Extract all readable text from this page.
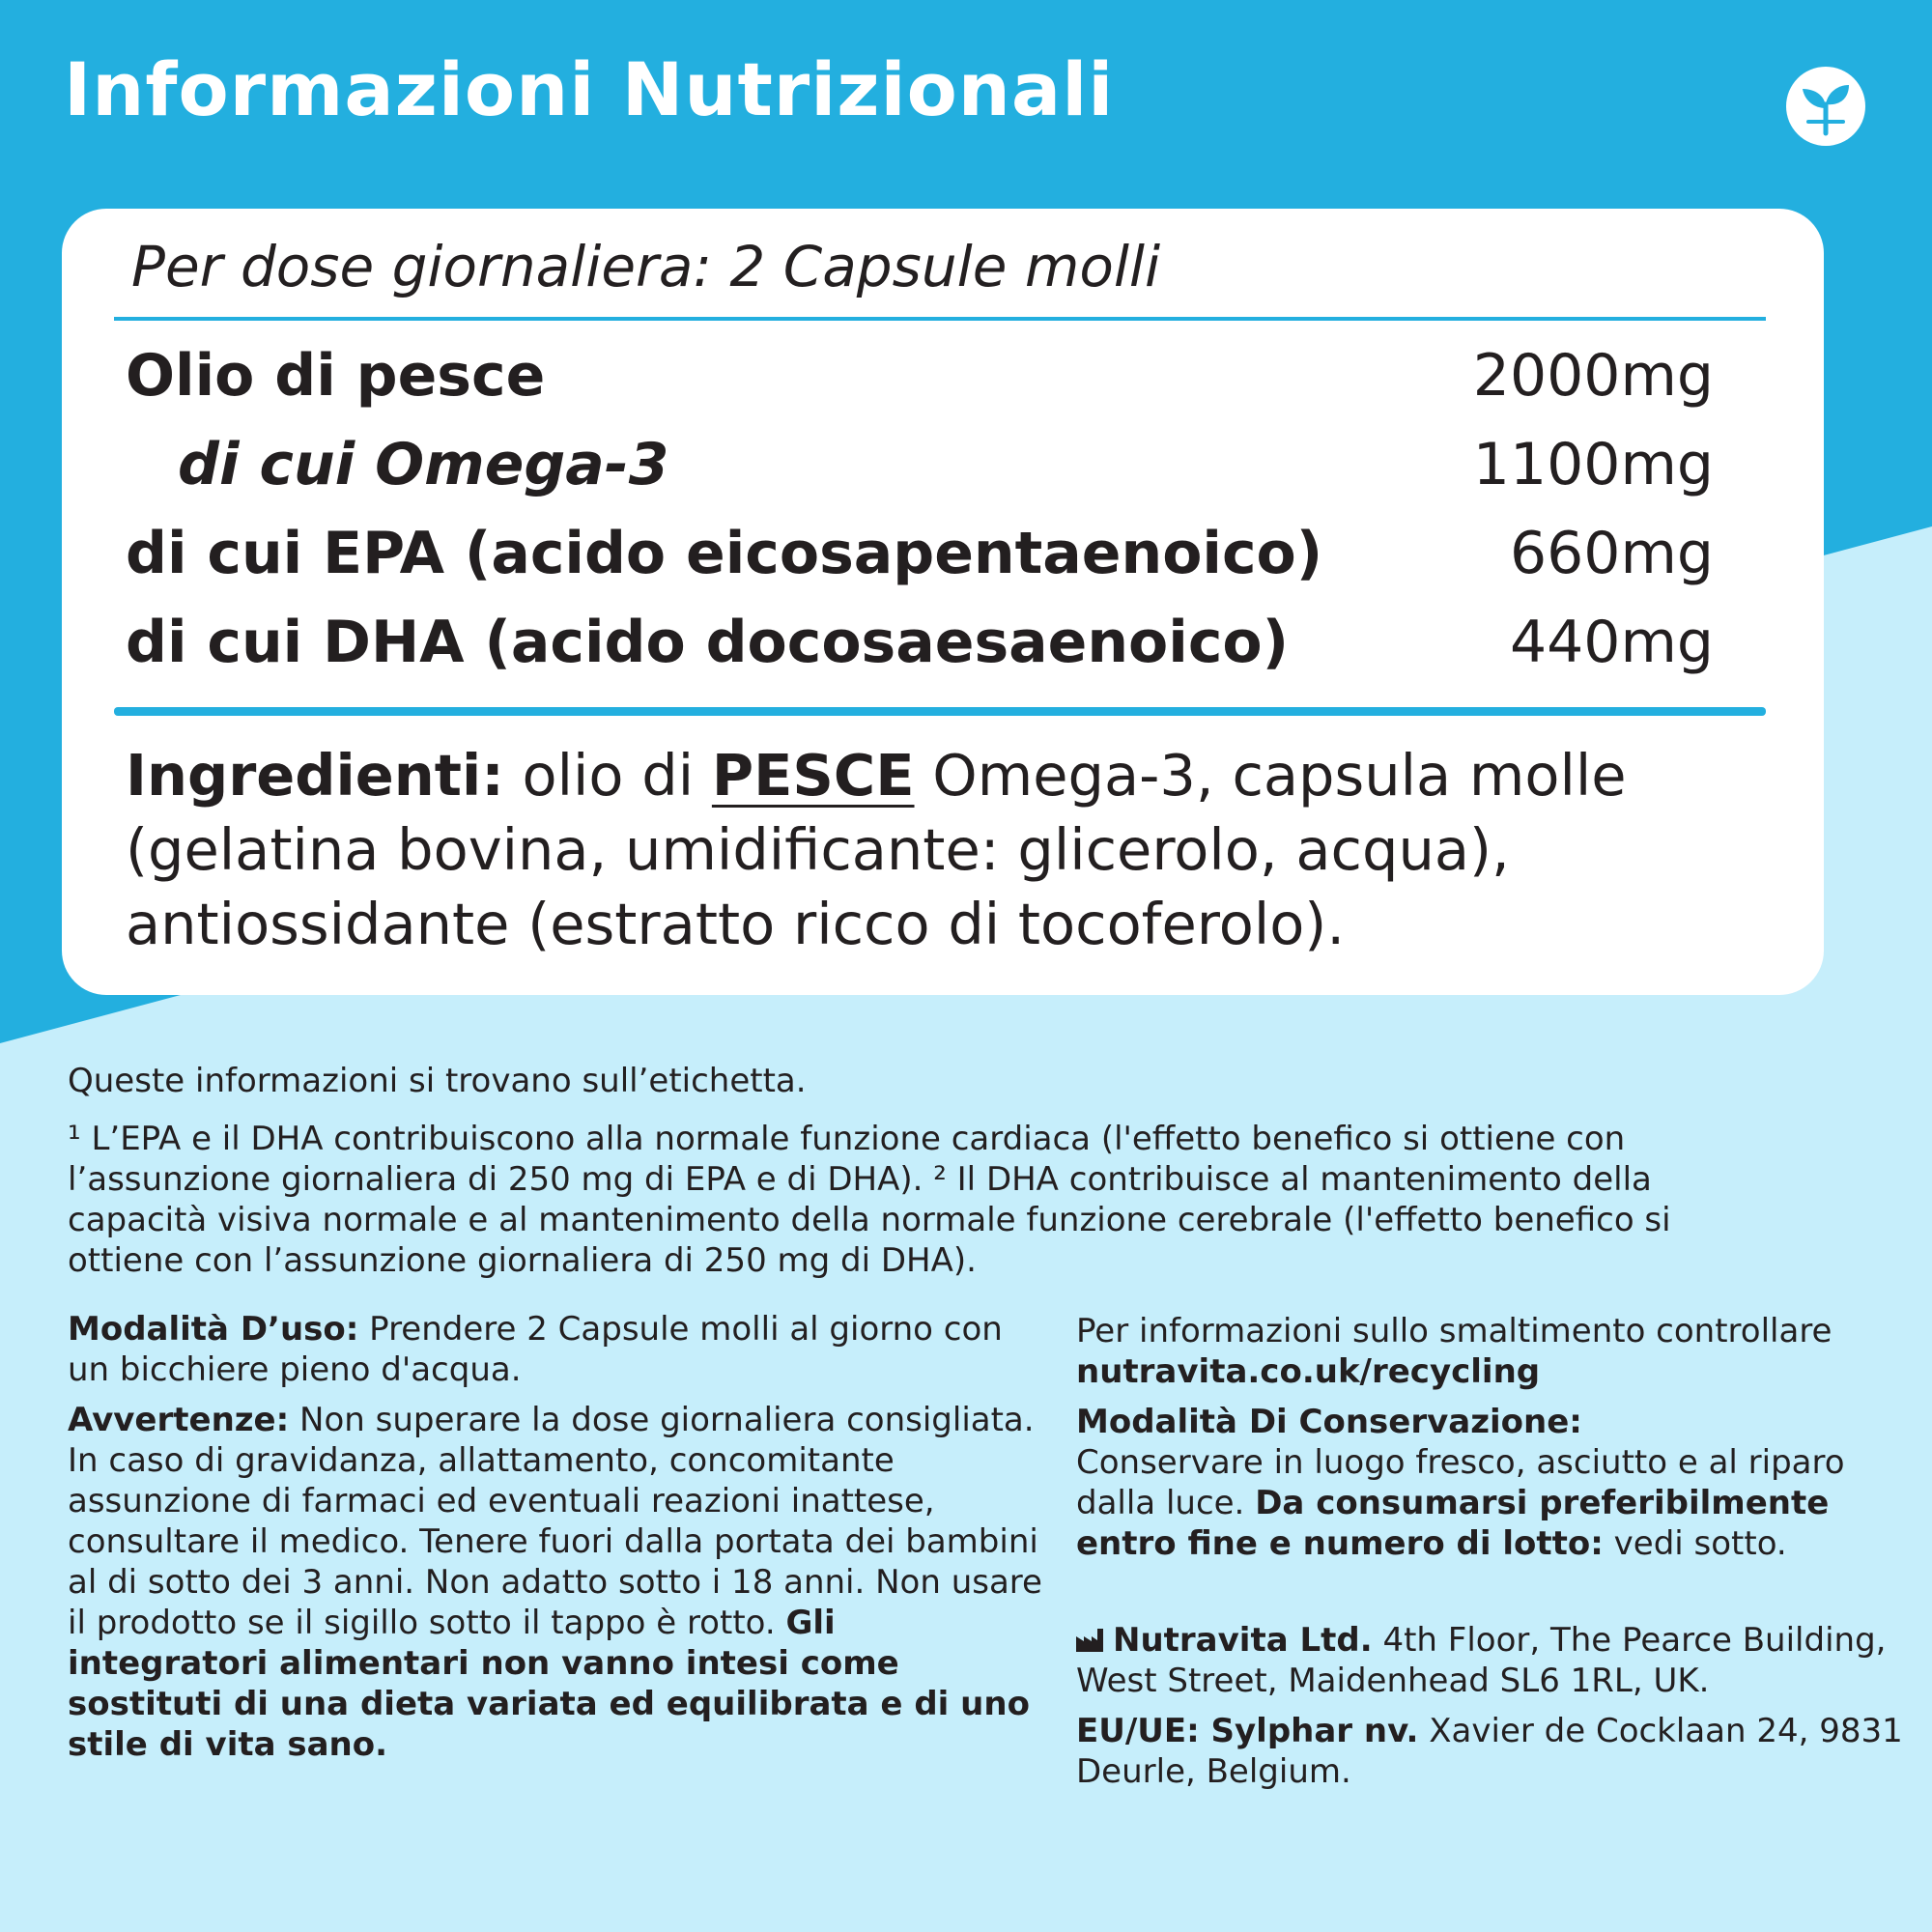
Informazioni Nutrizionali
Per dose giornaliera: 2 Capsule molli
Olio di pesce	2000mg
di cui Omega-3	1100mg
di cui EPA (acido eicosapentaenoico)	660mg
di cui DHA (acido docosaesaenoico)	440mg
Ingredienti: olio di PESCE Omega-3, capsula molle (gelatina bovina, umidificante: glicerolo, acqua), antiossidante (estratto ricco di tocoferolo).
Queste informazioni si trovano sull’etichetta.
¹ L’EPA e il DHA contribuiscono alla normale funzione cardiaca (l'effetto benefico si ottiene con l’assunzione giornaliera di 250 mg di EPA e di DHA). ² Il DHA contribuisce al mantenimento della capacità visiva normale e al mantenimento della normale funzione cerebrale (l'effetto benefico si ottiene con l’assunzione giornaliera di 250 mg di DHA).

Modalità D’uso: Prendere 2 Capsule molli al giorno con un bicchiere pieno d'acqua.

Avvertenze: Non superare la dose giornaliera consigliata. In caso di gravidanza, allattamento, concomitante assunzione di farmaci ed eventuali reazioni inattese, consultare il medico. Tenere fuori dalla portata dei bambini al di sotto dei 3 anni. Non adatto sotto i 18 anni. Non usare il prodotto se il sigillo sotto il tappo è rotto. Gli integratori alimentari non vanno intesi come sostituti di una dieta variata ed equilibrata e di uno stile di vita sano.

Per informazioni sullo smaltimento controllare nutravita.co.uk/recycling

Modalità Di Conservazione:
Conservare in luogo fresco, asciutto e al riparo dalla luce. Da consumarsi preferibilmente entro fine e numero di lotto: vedi sotto.

Nutravita Ltd. 4th Floor, The Pearce Building, West Street, Maidenhead SL6 1RL, UK.

EU/UE: Sylphar nv. Xavier de Cocklaan 24, 9831 Deurle, Belgium.
